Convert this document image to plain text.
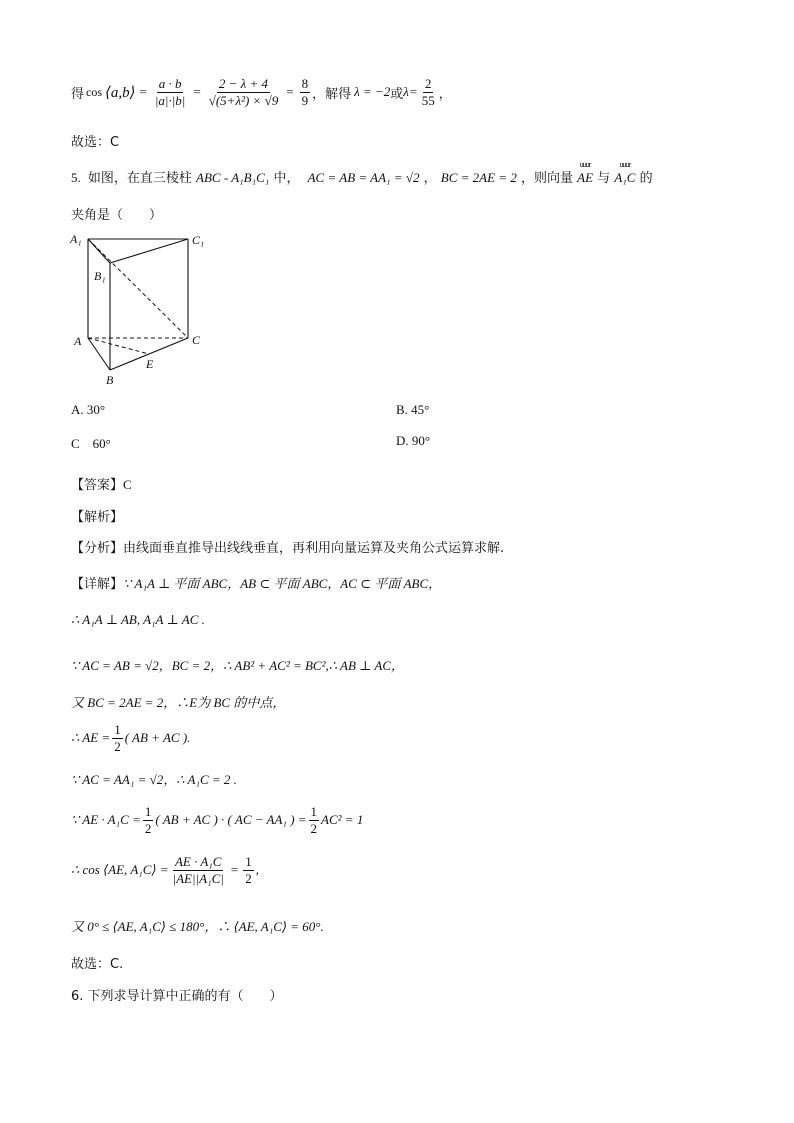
得 cos ⟨a,b⟩ = $\frac{a \cdot b}{|a|\cdot|b|} = \frac{2 - \lambda + 4}{\text{√(5+λ²) × √9}} = \frac{8}{9}$ ，解得 λ = −2 或 $\lambda= \frac{2}{55}$ ，
故选：C
5. 如图，在直三棱柱 ABC - A₁B₁C₁ 中， AC = AB = AA₁ = √2 ， BC = 2AE = 2 ，则向量 uuur AE 与 uuur A₁C 的
夹角是（　　）
A₁	C₁
B₁
A	C
B
E
A. 30°	B. 45°
C　60°	D. 90°
【答案】C
【解析】
【分析】由线面垂直推导出线线垂直，再利用向量运算及夹角公式运算求解.
【详解】∵ A₁A ⊥ 平面 ABC，AB ⊂ 平面 ABC，AC ⊂ 平面 ABC，
∴ A₁A ⊥ AB, A₁A ⊥ AC .
∵ AC = AB = √2，BC = 2，∴ AB² + AC² = BC²,∴ AB ⊥ AC，
又 BC = 2AE = 2，∴E为 BC 的中点，
∴ AE = $\frac{1}{2}$ ( AB + AC ).
∵ AC = AA₁ = √2，∴ A₁C = 2 .
∵ AE · $A_1C = \frac{1}{2}$ ( AB + AC ) · ( AC − AA₁ ) = $\frac{1}{2} AC^2 = 1$
∴ cos ⟨AE, A₁C⟩ = $\frac{\text{AE · A₁C}}{\text{|AE||A₁C|}} = \frac{1}{2}$ ,
又 0° ≤ ⟨AE, A₁C⟩ ≤ 180°，∴ ⟨AE, A₁C⟩ = 60°.
故选：C.
6. 下列求导计算中正确的有（　　）
